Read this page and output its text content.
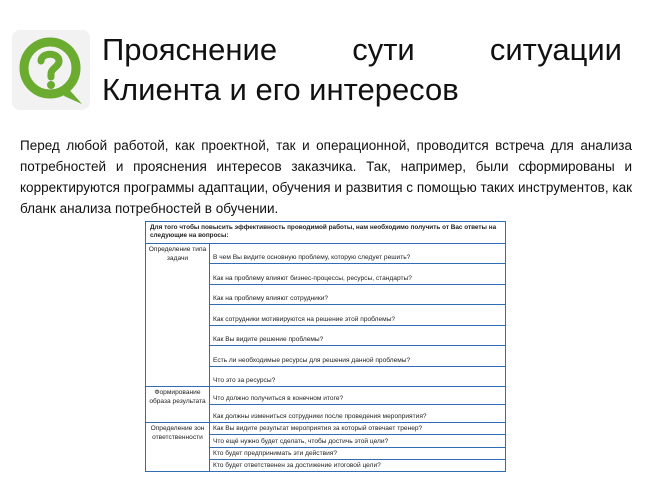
Прояснение сути ситуации
Клиента и его интересов
Перед любой работой, как проектной, так и операционной, проводится встреча для анализа потребностей и прояснения интересов заказчика. Так, например, были сформированы и корректируются программы адаптации, обучения и развития с помощью таких инструментов, как бланк анализа потребностей в обучении.
Для того чтобы повысить эффективность проводимой работы, нам необходимо получить от Вас ответы на следующие на вопросы:
Определение типа задачи	В чем Вы видите основную проблему, которую следует решить?
Как на проблему влияют бизнес-процессы, ресурсы, стандарты?
Как на проблему влияют сотрудники?
Как сотрудники мотивируются на решение этой проблемы?
Как Вы видите решение проблемы?
Есть ли необходимые ресурсы для решения данной проблемы?
Что это за ресурсы?
Формирование образа результата	Что должно получиться в конечном итоге?
Как должны измениться сотрудники после проведения мероприятия?
Определение зон ответственности
Как Вы видите результат мероприятия за который отвечает тренер?
Что ещё нужно будет сделать, чтобы достичь этой цели?
Кто будет предпринимать эти действия?
Кто будет ответственен за достижение итоговой цели?
